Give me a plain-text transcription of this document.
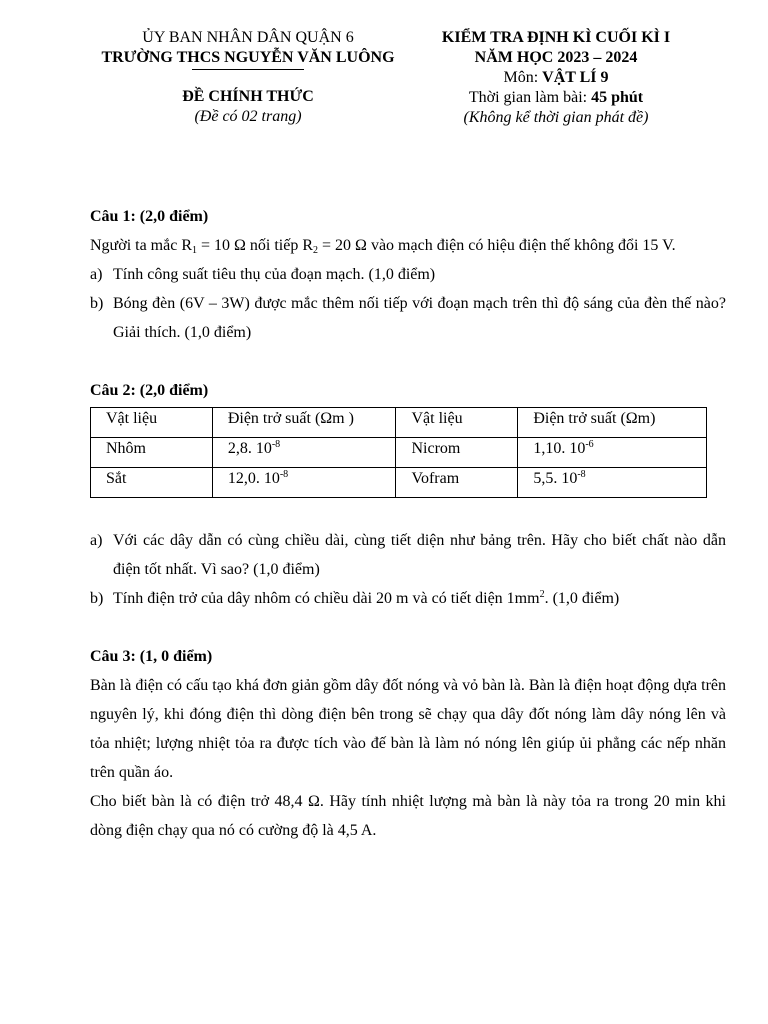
ỦY BAN NHÂN DÂN QUẬN 6
TRƯỜNG THCS NGUYỄN VĂN LUÔNG
ĐỀ CHÍNH THỨC
(Đề có 02 trang)
KIỂM TRA ĐỊNH KÌ CUỐI KÌ I
NĂM HỌC 2023 – 2024
Môn: VẬT LÍ 9
Thời gian làm bài: 45 phút
(Không kể thời gian phát đề)

Câu 1: (2,0 điểm)

Người ta mắc $R_1 = 10$ Ω nối tiếp $R_2 = 20$ Ω vào mạch điện có hiệu điện thế không đổi 15 V.

a) Tính công suất tiêu thụ của đoạn mạch. (1,0 điểm)
b) Bóng đèn (6V – 3W) được mắc thêm nối tiếp với đoạn mạch trên thì độ sáng của đèn thế nào? Giải thích. (1,0 điểm)

Câu 2: (2,0 điểm)

Vật liệu	Điện trở suất (Ωm )	Vật liệu	Điện trở suất (Ωm)
Nhôm	2,8. $10^{-8}$	Nicrom	1,10. $10^{-6}$
Sắt	12,0. $10^{-8}$	Vofram	5,5. $10^{-8}$
a) Với các dây dẫn có cùng chiều dài, cùng tiết diện như bảng trên. Hãy cho biết chất nào dẫn điện tốt nhất. Vì sao? (1,0 điểm)
b) Tính điện trở của dây nhôm có chiều dài 20 m và có tiết diện $1mm^2$. (1,0 điểm)

Câu 3: (1, 0 điểm)

Bàn là điện có cấu tạo khá đơn giản gồm dây đốt nóng và vỏ bàn là. Bàn là điện hoạt động dựa trên nguyên lý, khi đóng điện thì dòng điện bên trong sẽ chạy qua dây đốt nóng làm dây nóng lên và tỏa nhiệt; lượng nhiệt tỏa ra được tích vào đế bàn là làm nó nóng lên giúp ủi phẳng các nếp nhăn trên quần áo.

Cho biết bàn là có điện trở 48,4 Ω. Hãy tính nhiệt lượng mà bàn là này tỏa ra trong 20 min khi dòng điện chạy qua nó có cường độ là 4,5 A.
